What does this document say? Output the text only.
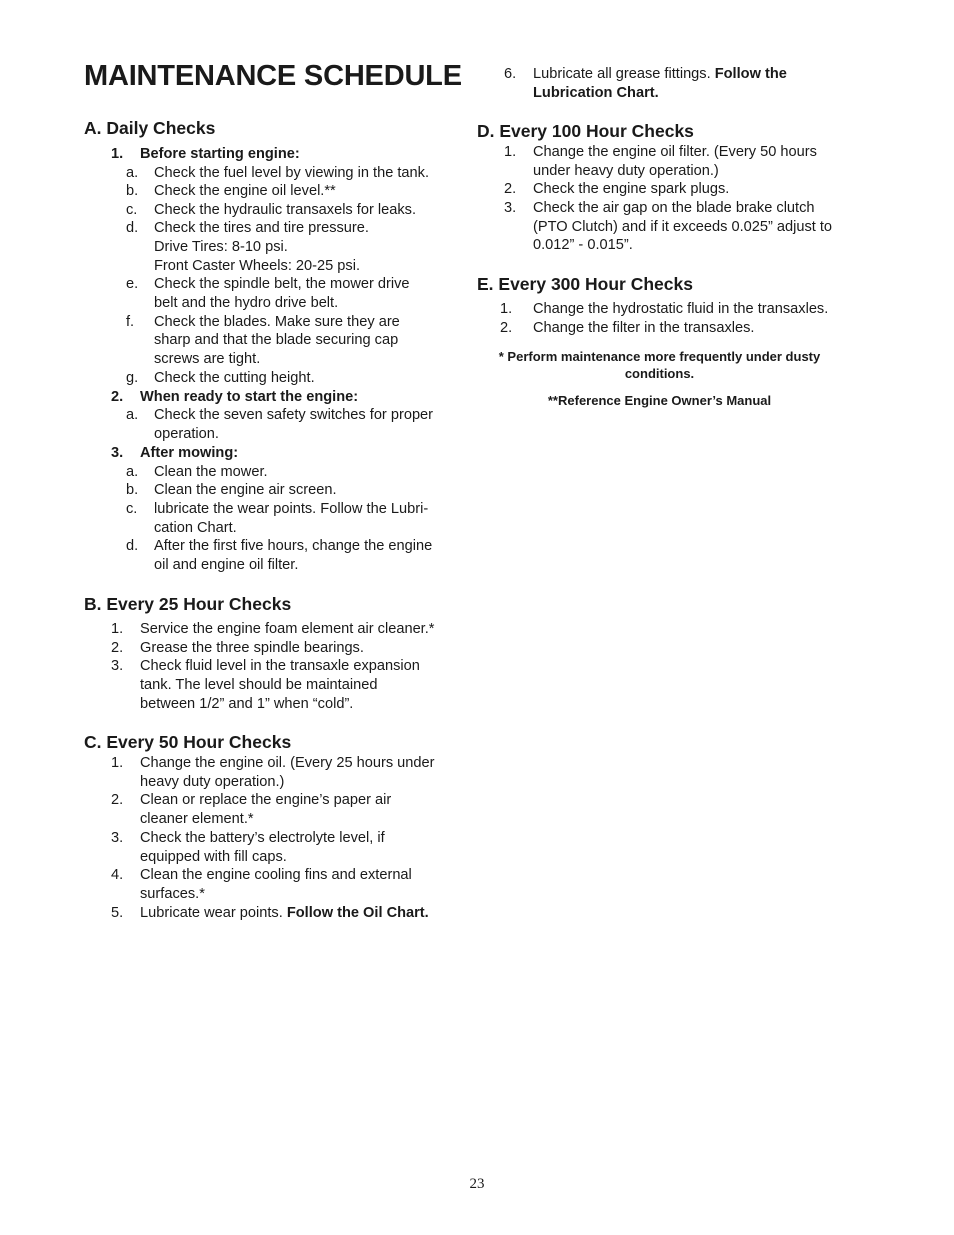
MAINTENANCE SCHEDULE
A. Daily Checks
1. Before starting engine:
a. Check the fuel level by viewing in the tank.
b. Check the engine oil level.**
c. Check the hydraulic transaxels for leaks.
d. Check the tires and tire pressure.
Drive Tires: 8-10 psi.
Front Caster Wheels: 20-25 psi.
e. Check the spindle belt, the mower drive
belt and the hydro drive belt.
f. Check the blades. Make sure they are
sharp and that the blade securing cap
screws are tight.
g. Check the cutting height.
2. When ready to start the engine:
a. Check the seven safety switches for proper
operation.
3. After mowing:
a. Clean the mower.
b. Clean the engine air screen.
c. lubricate the wear points. Follow the Lubri-
cation Chart.
d. After the first five hours, change the engine
oil and engine oil filter.
B. Every 25 Hour Checks
1. Service the engine foam element air cleaner.*
2. Grease the three spindle bearings.
3. Check fluid level in the transaxle expansion
tank. The level should be maintained
between 1/2” and 1” when “cold”.
C. Every 50 Hour Checks
1. Change the engine oil. (Every 25 hours under
heavy duty operation.)
2. Clean or replace the engine’s paper air
cleaner element.*
3. Check the battery’s electrolyte level, if
equipped with fill caps.
4. Clean the engine cooling fins and external
surfaces.*
5. Lubricate wear points. Follow the Oil Chart.
6. Lubricate all grease fittings. Follow the
Lubrication Chart.
D. Every 100 Hour Checks
1. Change the engine oil filter. (Every 50 hours
under heavy duty operation.)
2. Check the engine spark plugs.
3. Check the air gap on the blade brake clutch
(PTO Clutch) and if it exceeds 0.025” adjust to
0.012” - 0.015”.
E. Every 300 Hour Checks
1. Change the hydrostatic fluid in the transaxles.
2. Change the filter in the transaxles.
* Perform maintenance more frequently under dusty
conditions.
**Reference Engine Owner’s Manual
23
